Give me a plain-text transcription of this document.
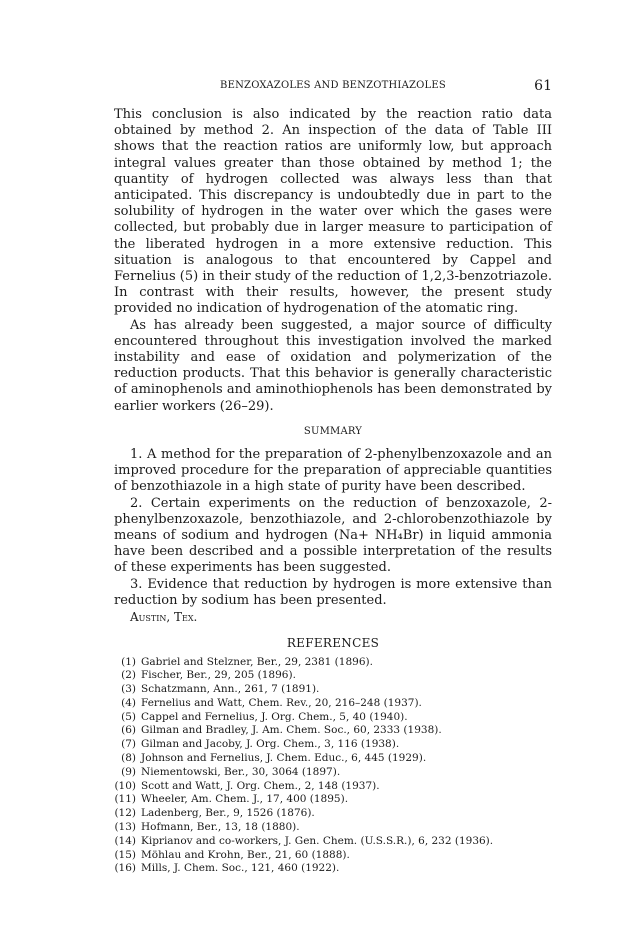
BENZOXAZOLES AND BENZOTHIAZOLES	61

This conclusion is also indicated by the reaction ratio data obtained by method 2. An inspection of the data of Table III shows that the reaction ratios are uniformly low, but approach integral values greater than those obtained by method 1; the quantity of hydrogen collected was always less than that anticipated. This discrepancy is undoubtedly due in part to the solubility of hydrogen in the water over which the gases were collected, but probably due in larger measure to participation of the liberated hydrogen in a more extensive reduction. This situation is analogous to that encountered by Cappel and Fernelius (5) in their study of the reduction of 1,2,3-benzotriazole. In contrast with their results, however, the present study provided no indication of hydrogenation of the atomatic ring.

As has already been suggested, a major source of difficulty encountered throughout this investigation involved the marked instability and ease of oxidation and polymerization of the reduction products. That this behavior is generally characteristic of aminophenols and aminothiophenols has been demonstrated by earlier workers (26–29).

SUMMARY

1. A method for the preparation of 2-phenylbenzoxazole and an improved procedure for the preparation of appreciable quantities of benzothiazole in a high state of purity have been described.

2. Certain experiments on the reduction of benzoxazole, 2-phenylbenzoxazole, benzothiazole, and 2-chlorobenzothiazole by means of sodium and hydrogen (Na+ NH₄Br) in liquid ammonia have been described and a possible interpretation of the results of these experiments has been suggested.

3. Evidence that reduction by hydrogen is more extensive than reduction by sodium has been presented.

Austin, Tex.

REFERENCES
(1) Gabriel and Stelzner, Ber., 29, 2381 (1896).
(2) Fischer, Ber., 29, 205 (1896).
(3) Schatzmann, Ann., 261, 7 (1891).
(4) Fernelius and Watt, Chem. Rev., 20, 216–248 (1937).
(5) Cappel and Fernelius, J. Org. Chem., 5, 40 (1940).
(6) Gilman and Bradley, J. Am. Chem. Soc., 60, 2333 (1938).
(7) Gilman and Jacoby, J. Org. Chem., 3, 116 (1938).
(8) Johnson and Fernelius, J. Chem. Educ., 6, 445 (1929).
(9) Niementowski, Ber., 30, 3064 (1897).
(10) Scott and Watt, J. Org. Chem., 2, 148 (1937).
(11) Wheeler, Am. Chem. J., 17, 400 (1895).
(12) Ladenberg, Ber., 9, 1526 (1876).
(13) Hofmann, Ber., 13, 18 (1880).
(14) Kiprianov and co-workers, J. Gen. Chem. (U.S.S.R.), 6, 232 (1936).
(15) Möhlau and Krohn, Ber., 21, 60 (1888).
(16) Mills, J. Chem. Soc., 121, 460 (1922).
